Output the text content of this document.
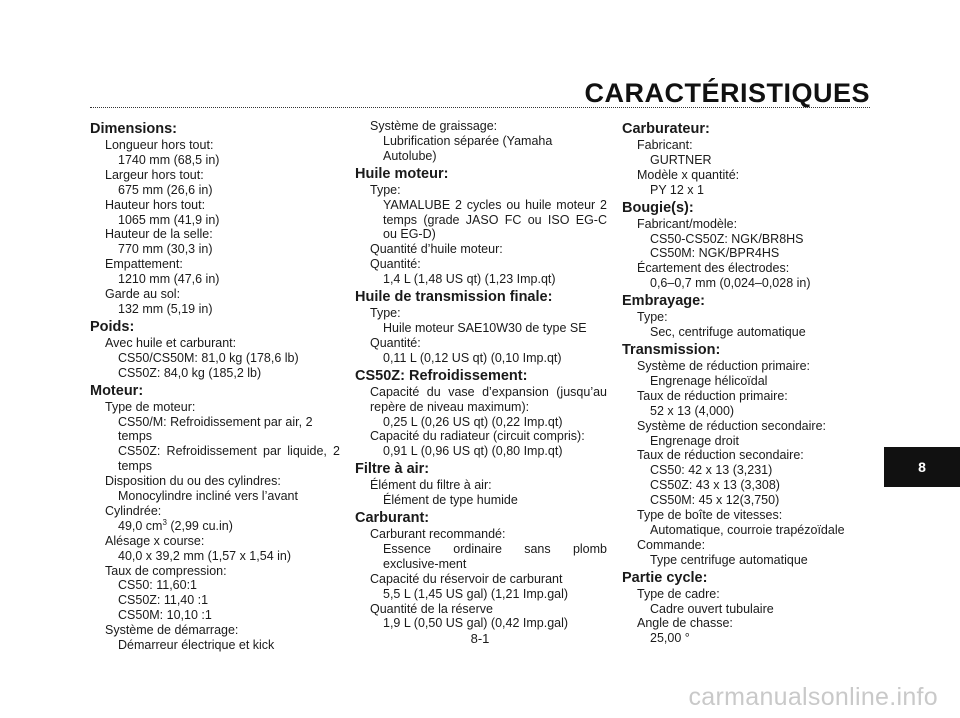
CARACTÉRISTIQUES
Dimensions:
Longueur hors tout:
1740 mm (68,5 in)
Largeur hors tout:
675 mm (26,6 in)
Hauteur hors tout:
1065 mm (41,9 in)
Hauteur de la selle:
770 mm (30,3 in)
Empattement:
1210 mm (47,6 in)
Garde au sol:
132 mm (5,19 in)
Poids:
Avec huile et carburant:
CS50/CS50M: 81,0 kg (178,6 lb)
CS50Z: 84,0 kg (185,2 lb)
Moteur:
Type de moteur:
CS50/M: Refroidissement par air, 2 temps
CS50Z: Refroidissement par liquide, 2 temps
Disposition du ou des cylindres:
Monocylindre incliné vers l’avant
Cylindrée:
49,0 $cm^3$ (2,99 cu.in)
Alésage x course:
40,0 x 39,2 mm (1,57 x 1,54 in)
Taux de compression:
CS50: 11,60:1
CS50Z: 11,40 :1
CS50M: 10,10 :1
Système de démarrage:
Démarreur électrique et kick
Système de graissage:
Lubrification séparée (Yamaha Autolube)
Huile moteur:
Type:
YAMALUBE 2 cycles ou huile moteur 2 temps (grade JASO FC ou ISO EG-C ou EG-D)
Quantité d’huile moteur:
Quantité:
1,4 L (1,48 US qt) (1,23 Imp.qt)
Huile de transmission finale:
Type:
Huile moteur SAE10W30 de type SE
Quantité:
0,11 L (0,12 US qt) (0,10 Imp.qt)
CS50Z: Refroidissement:
Capacité du vase d’expansion (jusqu’au repère de niveau maximum):
0,25 L (0,26 US qt) (0,22 Imp.qt)
Capacité du radiateur (circuit compris):
0,91 L (0,96 US qt) (0,80 Imp.qt)
Filtre à air:
Élément du filtre à air:
Élément de type humide
Carburant:
Carburant recommandé:
Essence ordinaire sans plomb exclusive-ment
Capacité du réservoir de carburant
5,5 L (1,45 US gal) (1,21 Imp.gal)
Quantité de la réserve
1,9 L (0,50 US gal) (0,42 Imp.gal)
Carburateur:
Fabricant:
GURTNER
Modèle x quantité:
PY 12 x 1
Bougie(s):
Fabricant/modèle:
CS50-CS50Z: NGK/BR8HS
CS50M: NGK/BPR4HS
Écartement des électrodes:
0,6–0,7 mm (0,024–0,028 in)
Embrayage:
Type:
Sec, centrifuge automatique
Transmission:
Système de réduction primaire:
Engrenage hélicoïdal
Taux de réduction primaire:
52 x 13 (4,000)
Système de réduction secondaire:
Engrenage droit
Taux de réduction secondaire:
CS50: 42 x 13 (3,231)
CS50Z: 43 x 13 (3,308)
CS50M: 45 x 12(3,750)
Type de boîte de vitesses:
Automatique, courroie trapézoïdale
Commande:
Type centrifuge automatique
Partie cycle:
Type de cadre:
Cadre ouvert tubulaire
Angle de chasse:
25,00 °
8
8-1
carmanualsonline.info
